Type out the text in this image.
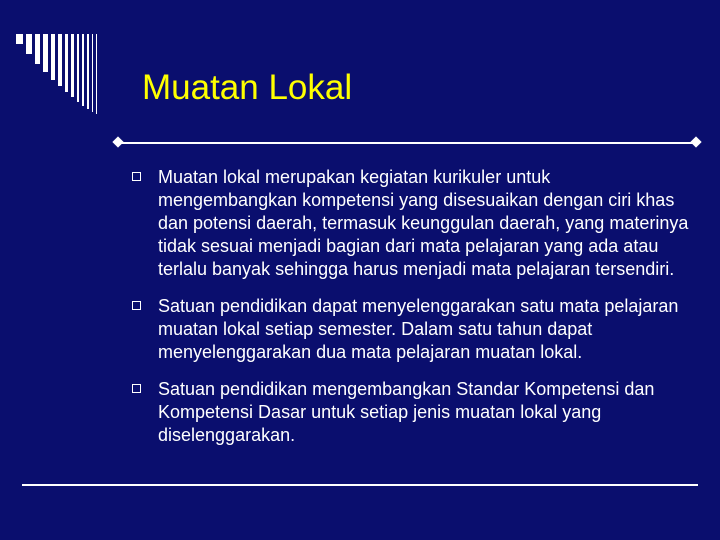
Muatan Lokal
Muatan lokal merupakan kegiatan kurikuler untuk mengembangkan kompetensi yang disesuaikan dengan ciri khas dan potensi daerah, termasuk keunggulan daerah, yang materinya tidak sesuai menjadi bagian dari mata pelajaran yang ada atau terlalu banyak sehingga harus menjadi mata pelajaran tersendiri.
Satuan pendidikan dapat menyelenggarakan satu mata pelajaran muatan lokal setiap semester. Dalam satu tahun dapat menyelenggarakan dua mata pelajaran muatan lokal.
Satuan pendidikan mengembangkan Standar Kompetensi dan Kompetensi Dasar untuk setiap jenis muatan lokal yang diselenggarakan.
